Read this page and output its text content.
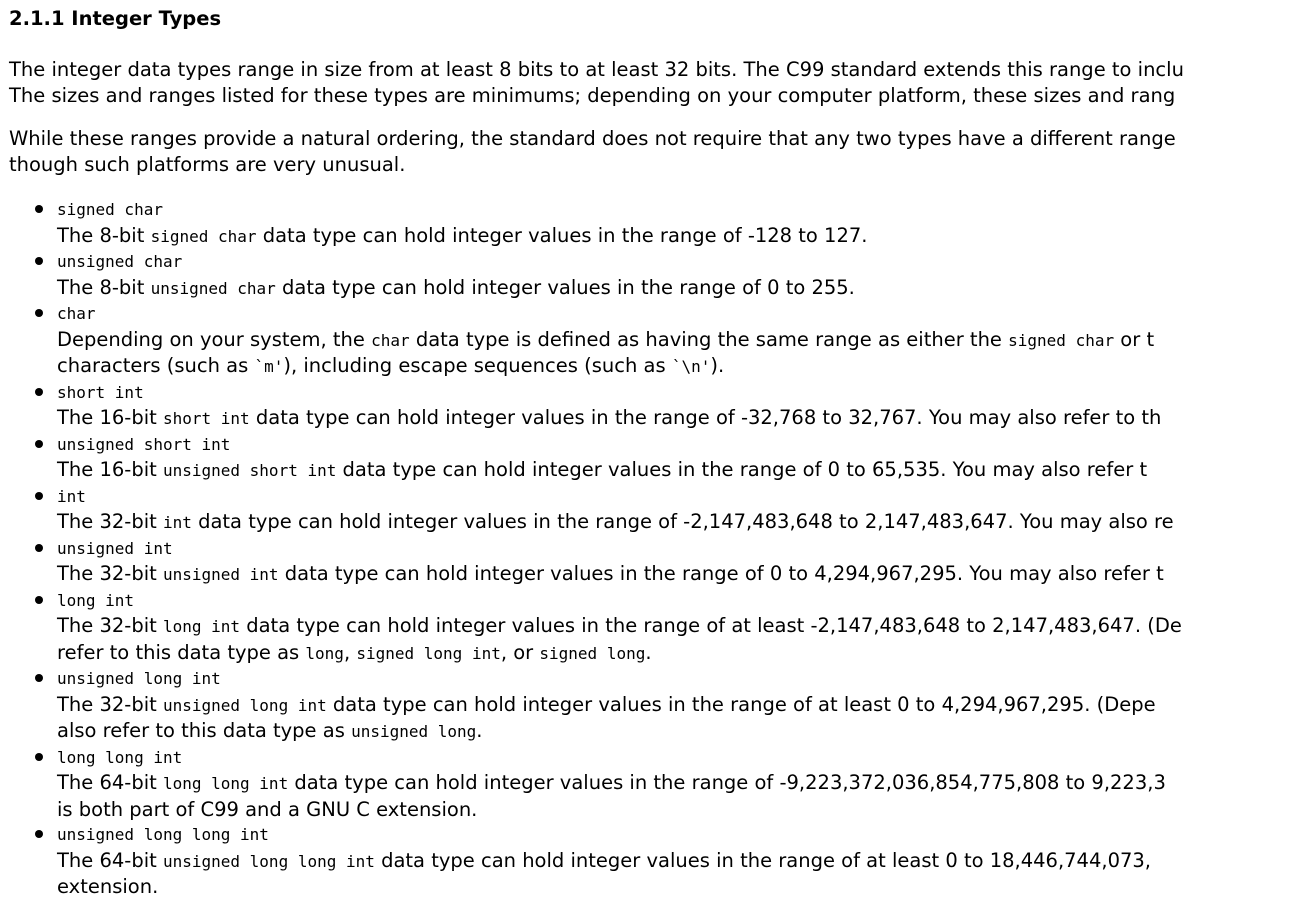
2.1.1 Integer Types

The integer data types range in size from at least 8 bits to at least 32 bits. The C99 standard extends this range to inclu
The sizes and ranges listed for these types are minimums; depending on your computer platform, these sizes and rang

While these ranges provide a natural ordering, the standard does not require that any two types have a different range
though such platforms are very unusual.

signed char
The 8-bit signed char data type can hold integer values in the range of -128 to 127.
unsigned char
The 8-bit unsigned char data type can hold integer values in the range of 0 to 255.
char
Depending on your system, the char data type is defined as having the same range as either the signed char or t
characters (such as `m'), including escape sequences (such as `\n').
short int
The 16-bit short int data type can hold integer values in the range of -32,768 to 32,767. You may also refer to th
unsigned short int
The 16-bit unsigned short int data type can hold integer values in the range of 0 to 65,535. You may also refer t
int
The 32-bit int data type can hold integer values in the range of -2,147,483,648 to 2,147,483,647. You may also re
unsigned int
The 32-bit unsigned int data type can hold integer values in the range of 0 to 4,294,967,295. You may also refer t
long int
The 32-bit long int data type can hold integer values in the range of at least -2,147,483,648 to 2,147,483,647. (De
refer to this data type as long, signed long int, or signed long.
unsigned long int
The 32-bit unsigned long int data type can hold integer values in the range of at least 0 to 4,294,967,295. (Depe
also refer to this data type as unsigned long.
long long int
The 64-bit long long int data type can hold integer values in the range of -9,223,372,036,854,775,808 to 9,223,3
is both part of C99 and a GNU C extension.
unsigned long long int
The 64-bit unsigned long long int data type can hold integer values in the range of at least 0 to 18,446,744,073,
extension.
